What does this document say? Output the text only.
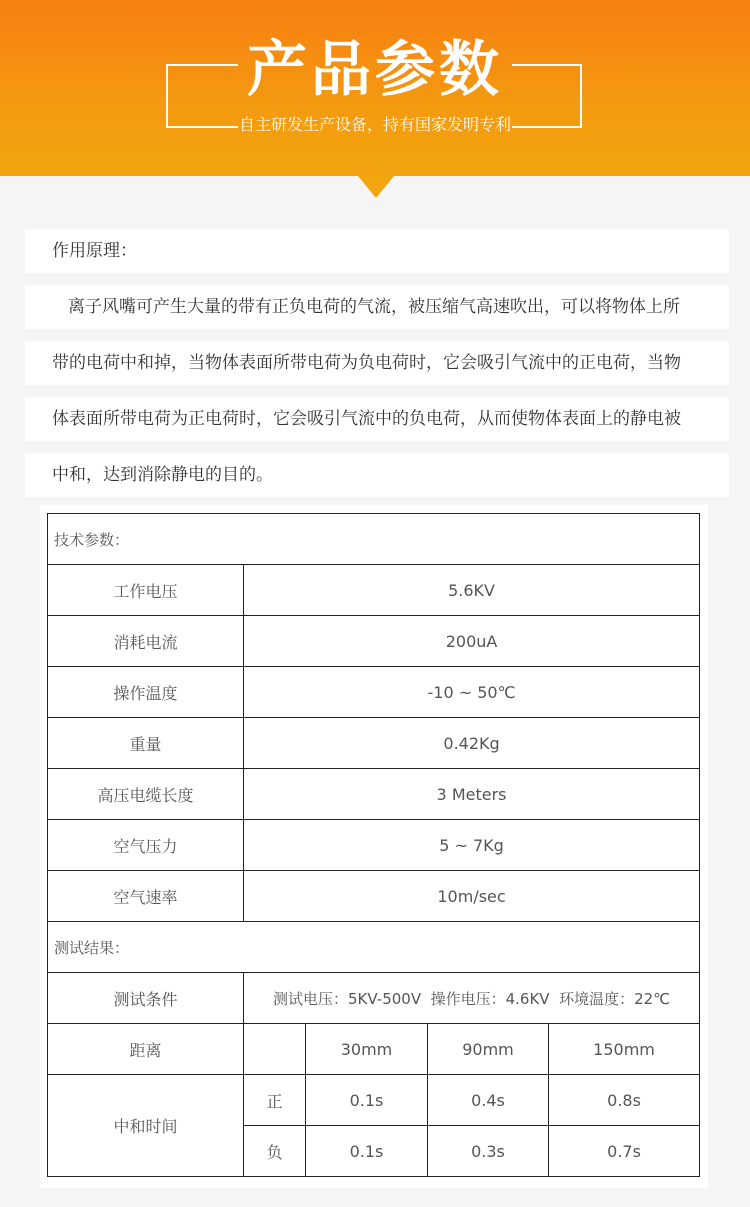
产品参数
自主研发生产设备，持有国家发明专利
作用原理：
离子风嘴可产生大量的带有正负电荷的气流，被压缩气高速吹出，可以将物体上所
带的电荷中和掉，当物体表面所带电荷为负电荷时，它会吸引气流中的正电荷，当物
体表面所带电荷为正电荷时，它会吸引气流中的负电荷，从而使物体表面上的静电被
中和，达到消除静电的目的。
技术参数：				
工作电压	5.6KV			
消耗电流	200uA			
操作温度	-10 ~ 50℃			
重量	0.42Kg			
高压电缆长度	3 Meters			
空气压力	5 ~ 7Kg			
空气速率	10m/sec			
测试结果：				
测试条件	测试电压：5KV-500V  操作电压：4.6KV  环境温度：22℃			
距离		30mm	90mm	150mm
中和时间	正	0.1s	0.4s	0.8s
	负	0.1s	0.3s	0.7s
